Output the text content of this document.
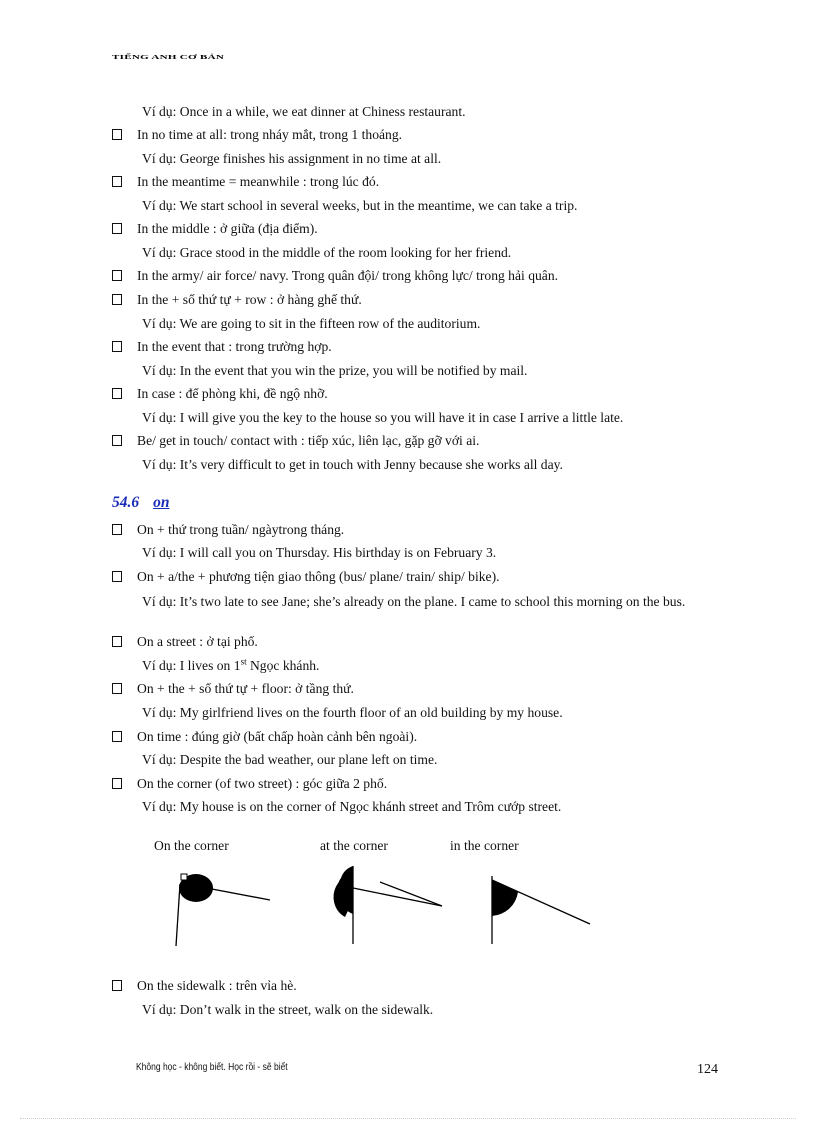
TIẾNG ANH CƠ BẢN
Ví dụ: Once in a while, we eat dinner at Chiness restaurant.
In no time at all: trong nháy mắt, trong 1 thoáng.
Ví dụ: George finishes his assignment in no time at all.
In the meantime = meanwhile : trong lúc đó.
Ví dụ: We start school in several weeks, but in the meantime, we can take a trip.
In the middle : ở giữa (địa điểm).
Ví dụ: Grace stood in the middle of the room looking for her friend.
In the army/ air force/ navy. Trong quân đội/ trong không lực/ trong hải quân.
In the + số thứ tự + row : ở hàng ghế thứ.
Ví dụ: We are going to sit in the fifteen row of the auditorium.
In the event that : trong trường hợp.
Ví dụ: In the event that you win the prize, you will be notified by mail.
In case : để phòng khi, đề ngộ nhỡ.
Ví dụ: I will give you the key to the house so you will have it in case I arrive a little late.
Be/ get in touch/ contact with : tiếp xúc, liên lạc, gặp gỡ với ai.
Ví dụ: It’s very difficult to get in touch with Jenny because she works all day.
54.6 on
On + thứ trong tuần/ ngàytrong tháng.
Ví dụ: I will call you on Thursday. His birthday is on February 3.
On + a/the + phương tiện giao thông (bus/ plane/ train/ ship/ bike).
Ví dụ: It’s two late to see Jane; she’s already on the plane. I came to school this morning on the bus.
On a street : ở tại phố.
Ví dụ: I lives on 1st Ngọc khánh.
On + the + số thứ tự + floor: ở tầng thứ.
Ví dụ: My girlfriend lives on the fourth floor of an old building by my house.
On time : đúng giờ (bất chấp hoàn cảnh bên ngoài).
Ví dụ: Despite the bad weather, our plane left on time.
On the corner (of two street) : góc giữa 2 phố.
Ví dụ: My house is on the corner of Ngọc khánh street and Trôm cướp street.
On the corner	at the corner	in the corner
On the sidewalk : trên vỉa hè.
Ví dụ: Don’t walk in the street, walk on the sidewalk.
Không học - không biết. Học rồi - sẽ biết	124
